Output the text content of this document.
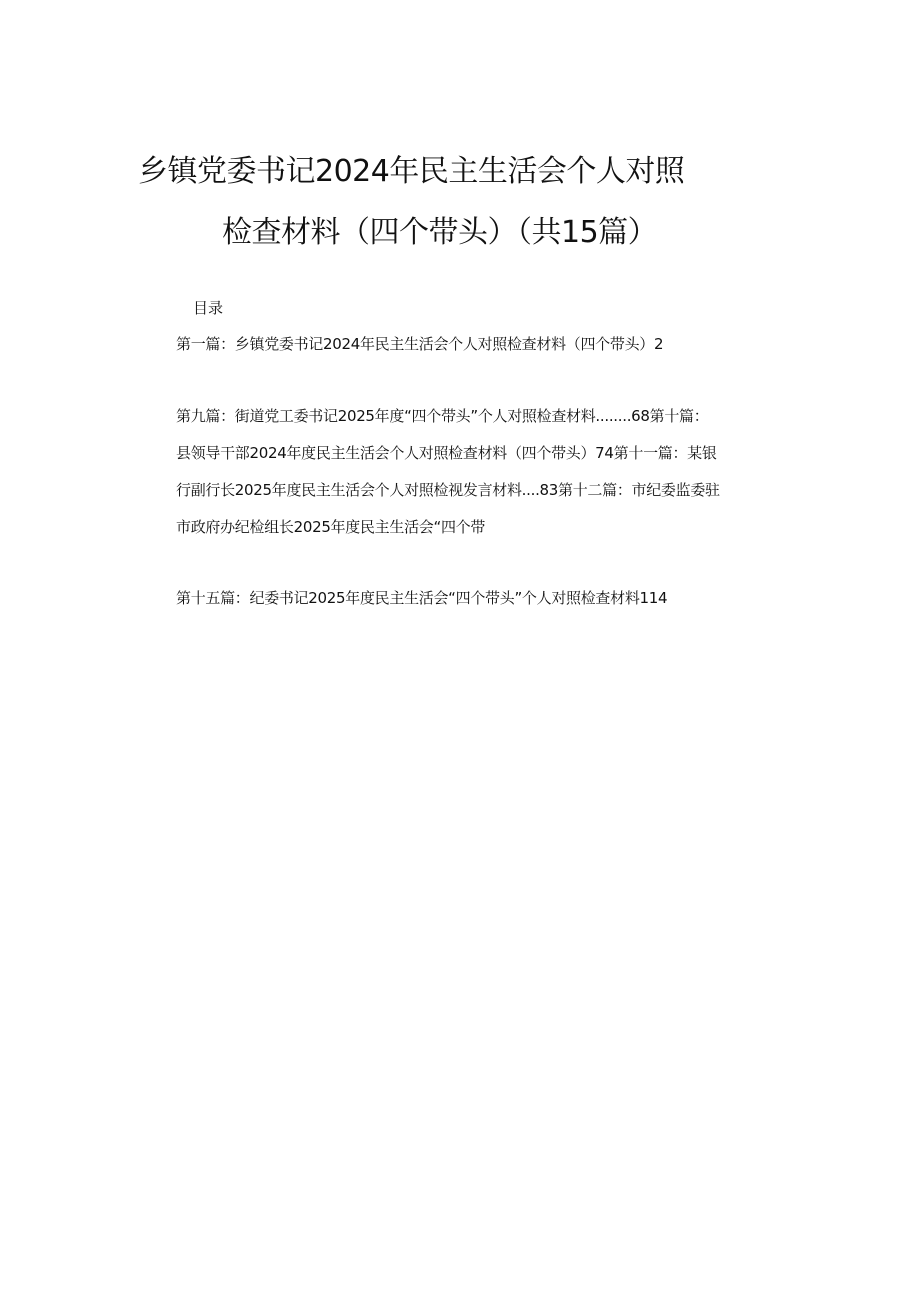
乡镇党委书记2024年民主生活会个人对照
检查材料（四个带头）（共15篇）
目录
第一篇：乡镇党委书记2024年民主生活会个人对照检查材料（四个带头）2
第九篇：街道党工委书记2025年度“四个带头”个人对照检查材料........68第十篇：
县领导干部2024年度民主生活会个人对照检查材料（四个带头）74第十一篇：某银
行副行长2025年度民主生活会个人对照检视发言材料....83第十二篇：市纪委监委驻
市政府办纪检组长2025年度民主生活会“四个带
第十五篇：纪委书记2025年度民主生活会“四个带头”个人对照检查材料114
